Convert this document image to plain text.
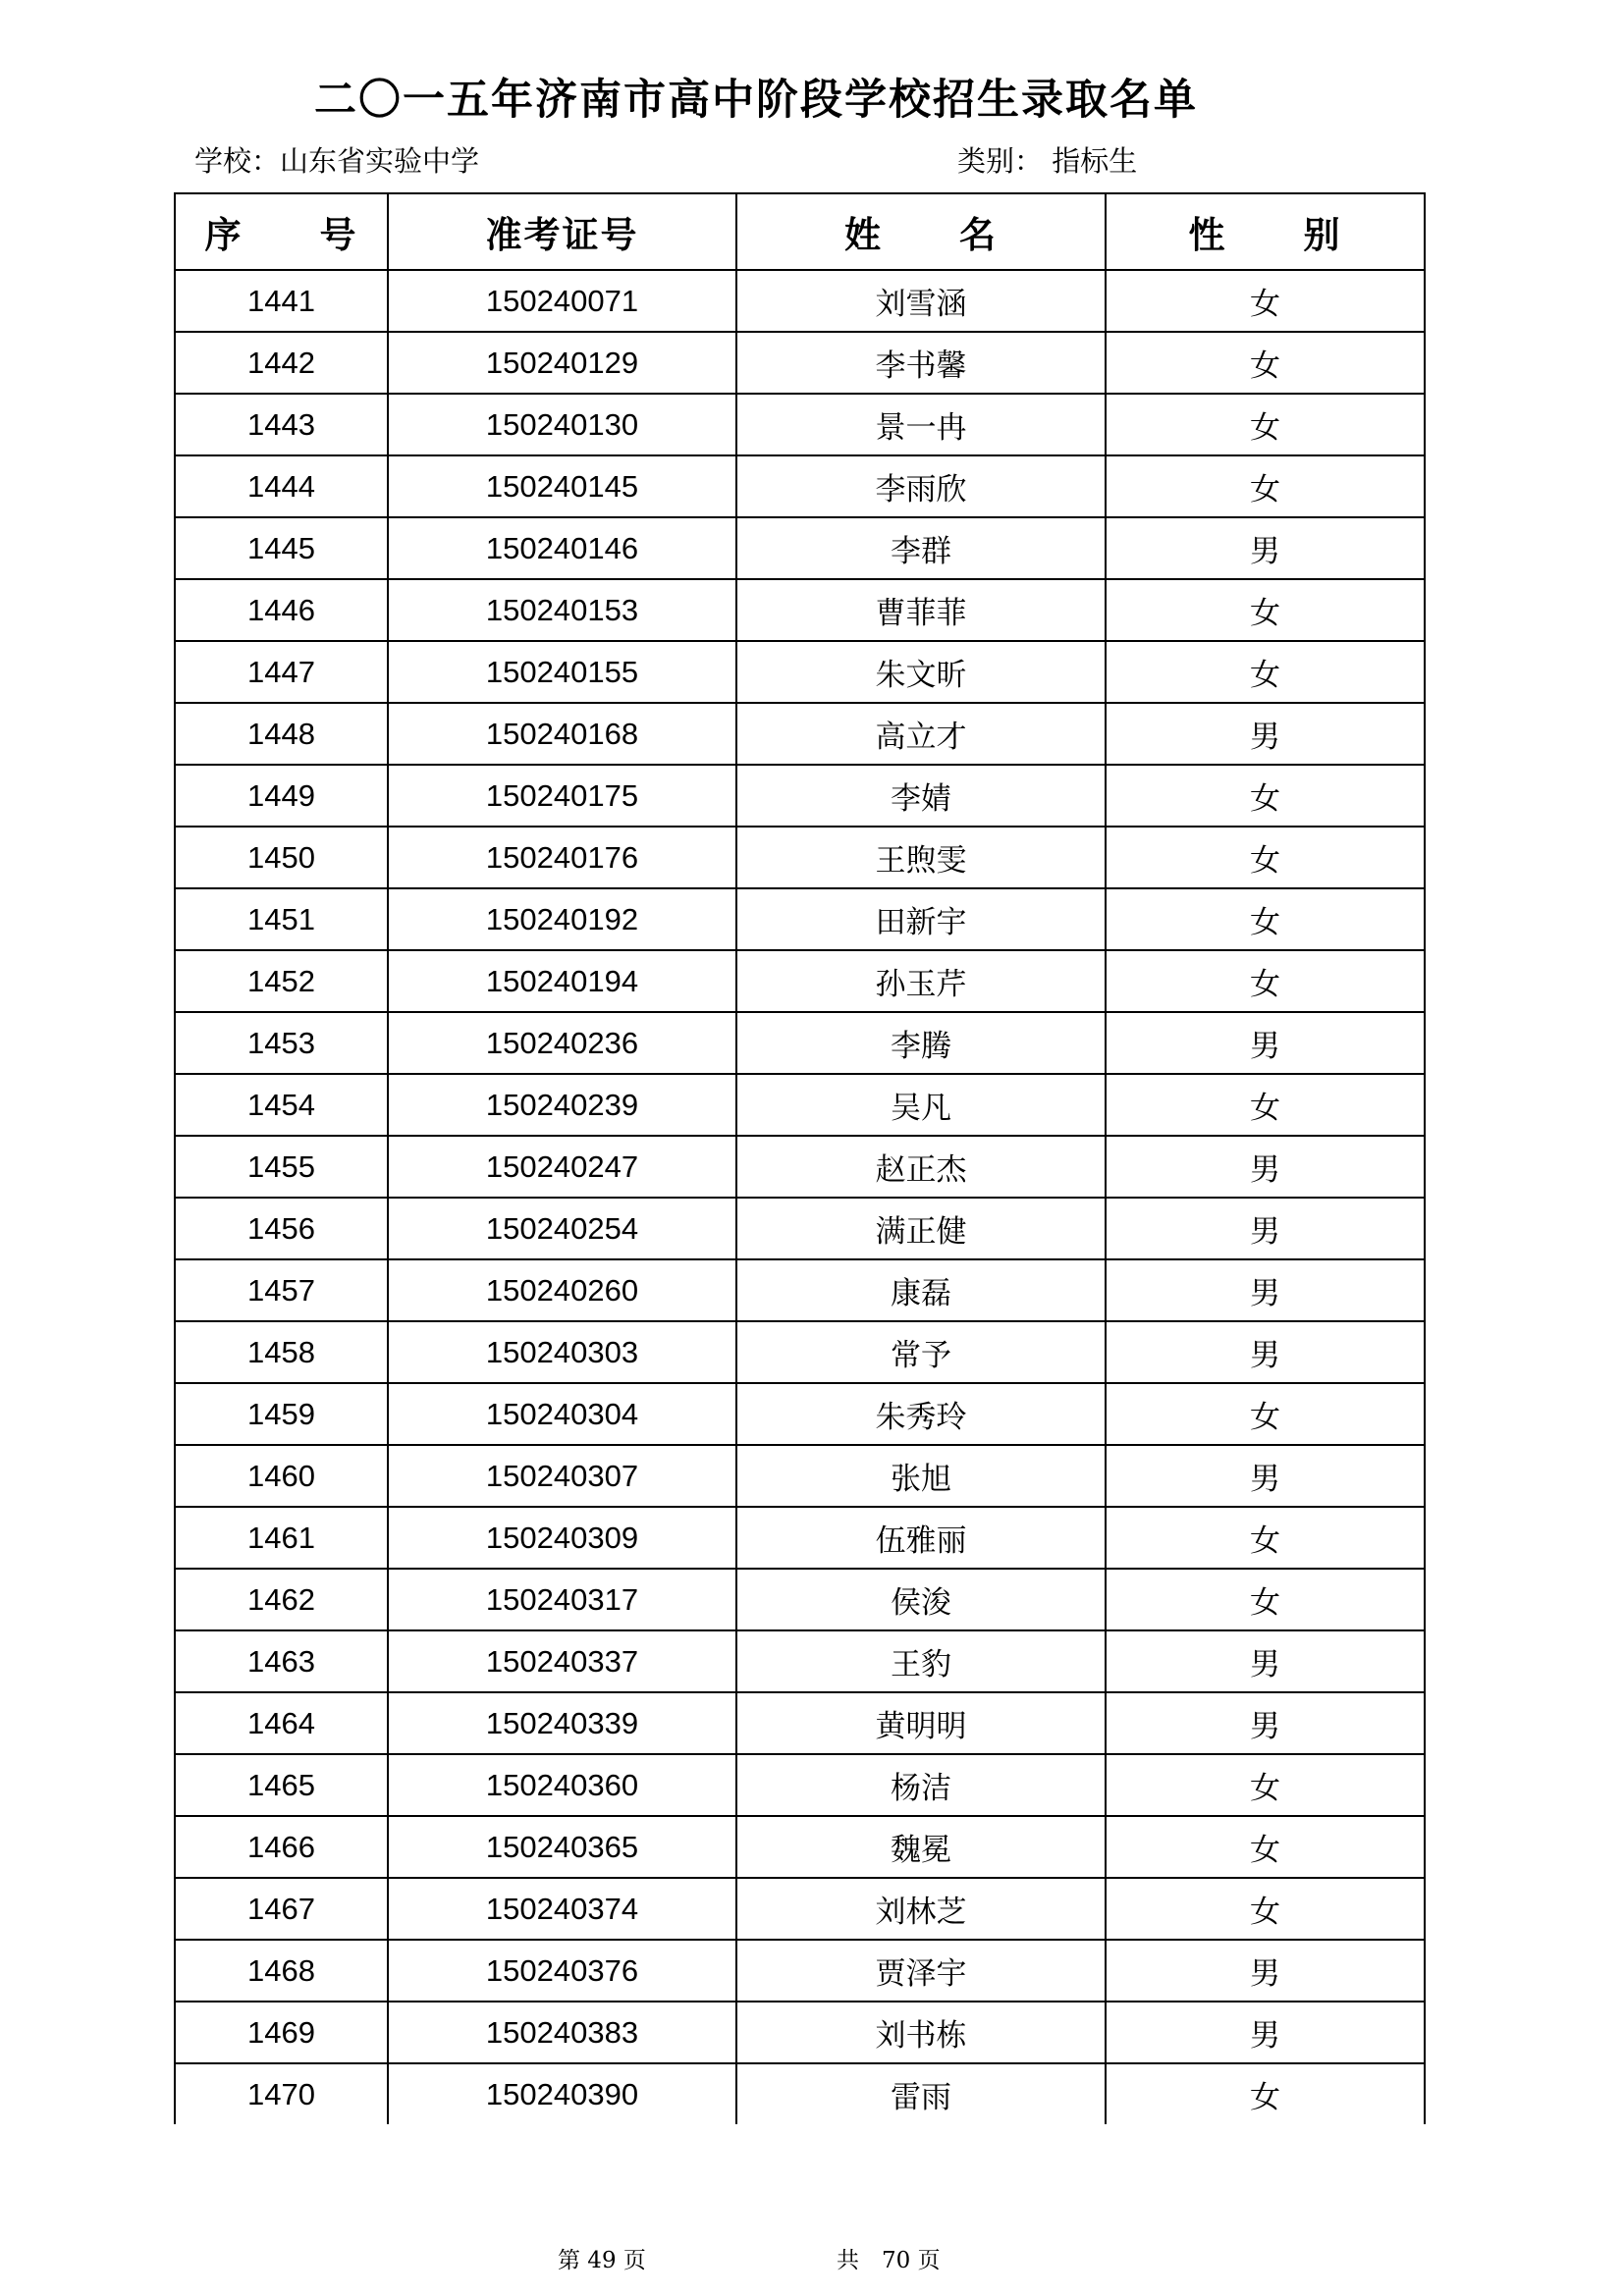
二〇一五年济南市高中阶段学校招生录取名单
学校：山东省实验中学	类别： 指标生
序　　号	准考证号	姓　　名	性　　别
1441	150240071	刘雪涵	女
1442	150240129	李书馨	女
1443	150240130	景一冉	女
1444	150240145	李雨欣	女
1445	150240146	李群	男
1446	150240153	曹菲菲	女
1447	150240155	朱文昕	女
1448	150240168	高立才	男
1449	150240175	李婧	女
1450	150240176	王煦雯	女
1451	150240192	田新宇	女
1452	150240194	孙玉芹	女
1453	150240236	李腾	男
1454	150240239	吴凡	女
1455	150240247	赵正杰	男
1456	150240254	满正健	男
1457	150240260	康磊	男
1458	150240303	常予	男
1459	150240304	朱秀玲	女
1460	150240307	张旭	男
1461	150240309	伍雅丽	女
1462	150240317	侯浚	女
1463	150240337	王豹	男
1464	150240339	黄明明	男
1465	150240360	杨洁	女
1466	150240365	魏冕	女
1467	150240374	刘林芝	女
1468	150240376	贾泽宇	男
1469	150240383	刘书栋	男
1470	150240390	雷雨	女
第 49 页	共　70 页
